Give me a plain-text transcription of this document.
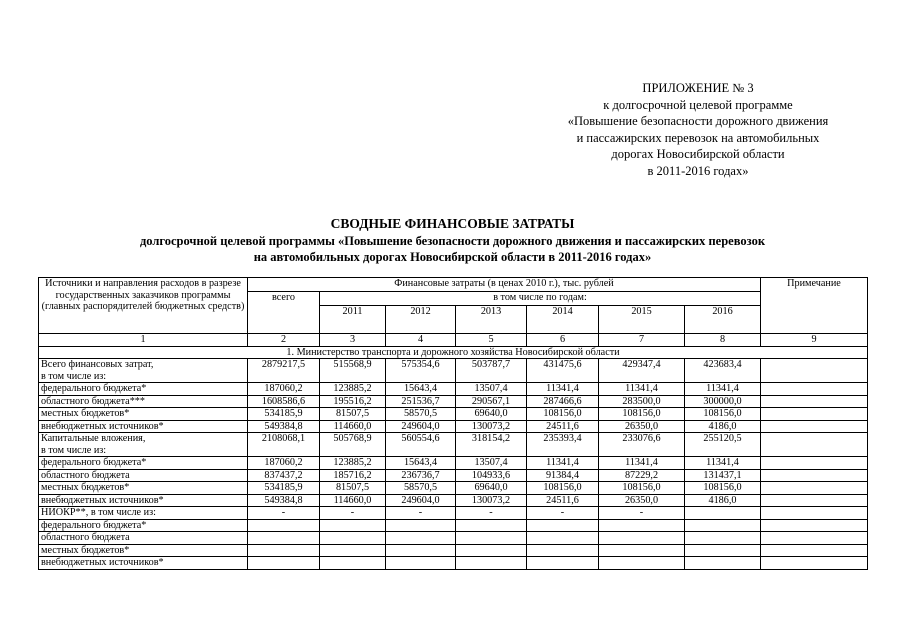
ПРИЛОЖЕНИЕ № 3
к долгосрочной целевой программе
«Повышение безопасности дорожного движения
и пассажирских перевозок на автомобильных
дорогах Новосибирской области
в 2011-2016 годах»
СВОДНЫЕ ФИНАНСОВЫЕ ЗАТРАТЫ
долгосрочной целевой программы «Повышение безопасности дорожного движения и пассажирских перевозок
на автомобильных дорогах Новосибирской области в 2011-2016 годах»
Источники и направления расходов в разрезе государственных заказчиков программы (главных распорядителей бюджетных средств)	Финансовые затраты (в ценах 2010 г.), тыс. рублей							Примечание
	всего	в том числе по годам:						
		2011	2012	2013	2014	2015	2016	
1	2	3	4	5	6	7	8	9
1. Министерство транспорта и дорожного хозяйства Новосибирской области								

Всего финансовых затрат,
в том числе из:	2879217,5	515568,9	575354,6	503787,7	431475,6	429347,4	423683,4	

федерального бюджета*	187060,2	123885,2	15643,4	13507,4	11341,4	11341,4	11341,4	

областного бюджета***	1608586,6	195516,2	251536,7	290567,1	287466,6	283500,0	300000,0	

местных бюджетов*	534185,9	81507,5	58570,5	69640,0	108156,0	108156,0	108156,0	

внебюджетных источников*	549384,8	114660,0	249604,0	130073,2	24511,6	26350,0	4186,0	

Капитальные вложения,
в том числе из:	2108068,1	505768,9	560554,6	318154,2	235393,4	233076,6	255120,5	

федерального бюджета*	187060,2	123885,2	15643,4	13507,4	11341,4	11341,4	11341,4	

областного бюджета	837437,2	185716,2	236736,7	104933,6	91384,4	87229,2	131437,1	

местных бюджетов*	534185,9	81507,5	58570,5	69640,0	108156,0	108156,0	108156,0	

внебюджетных источников*	549384,8	114660,0	249604,0	130073,2	24511,6	26350,0	4186,0	

НИОКР**, в том числе из:	-	-	-	-	-	-		

федерального бюджета*								

областного бюджета								

местных бюджетов*								

внебюджетных источников*								
